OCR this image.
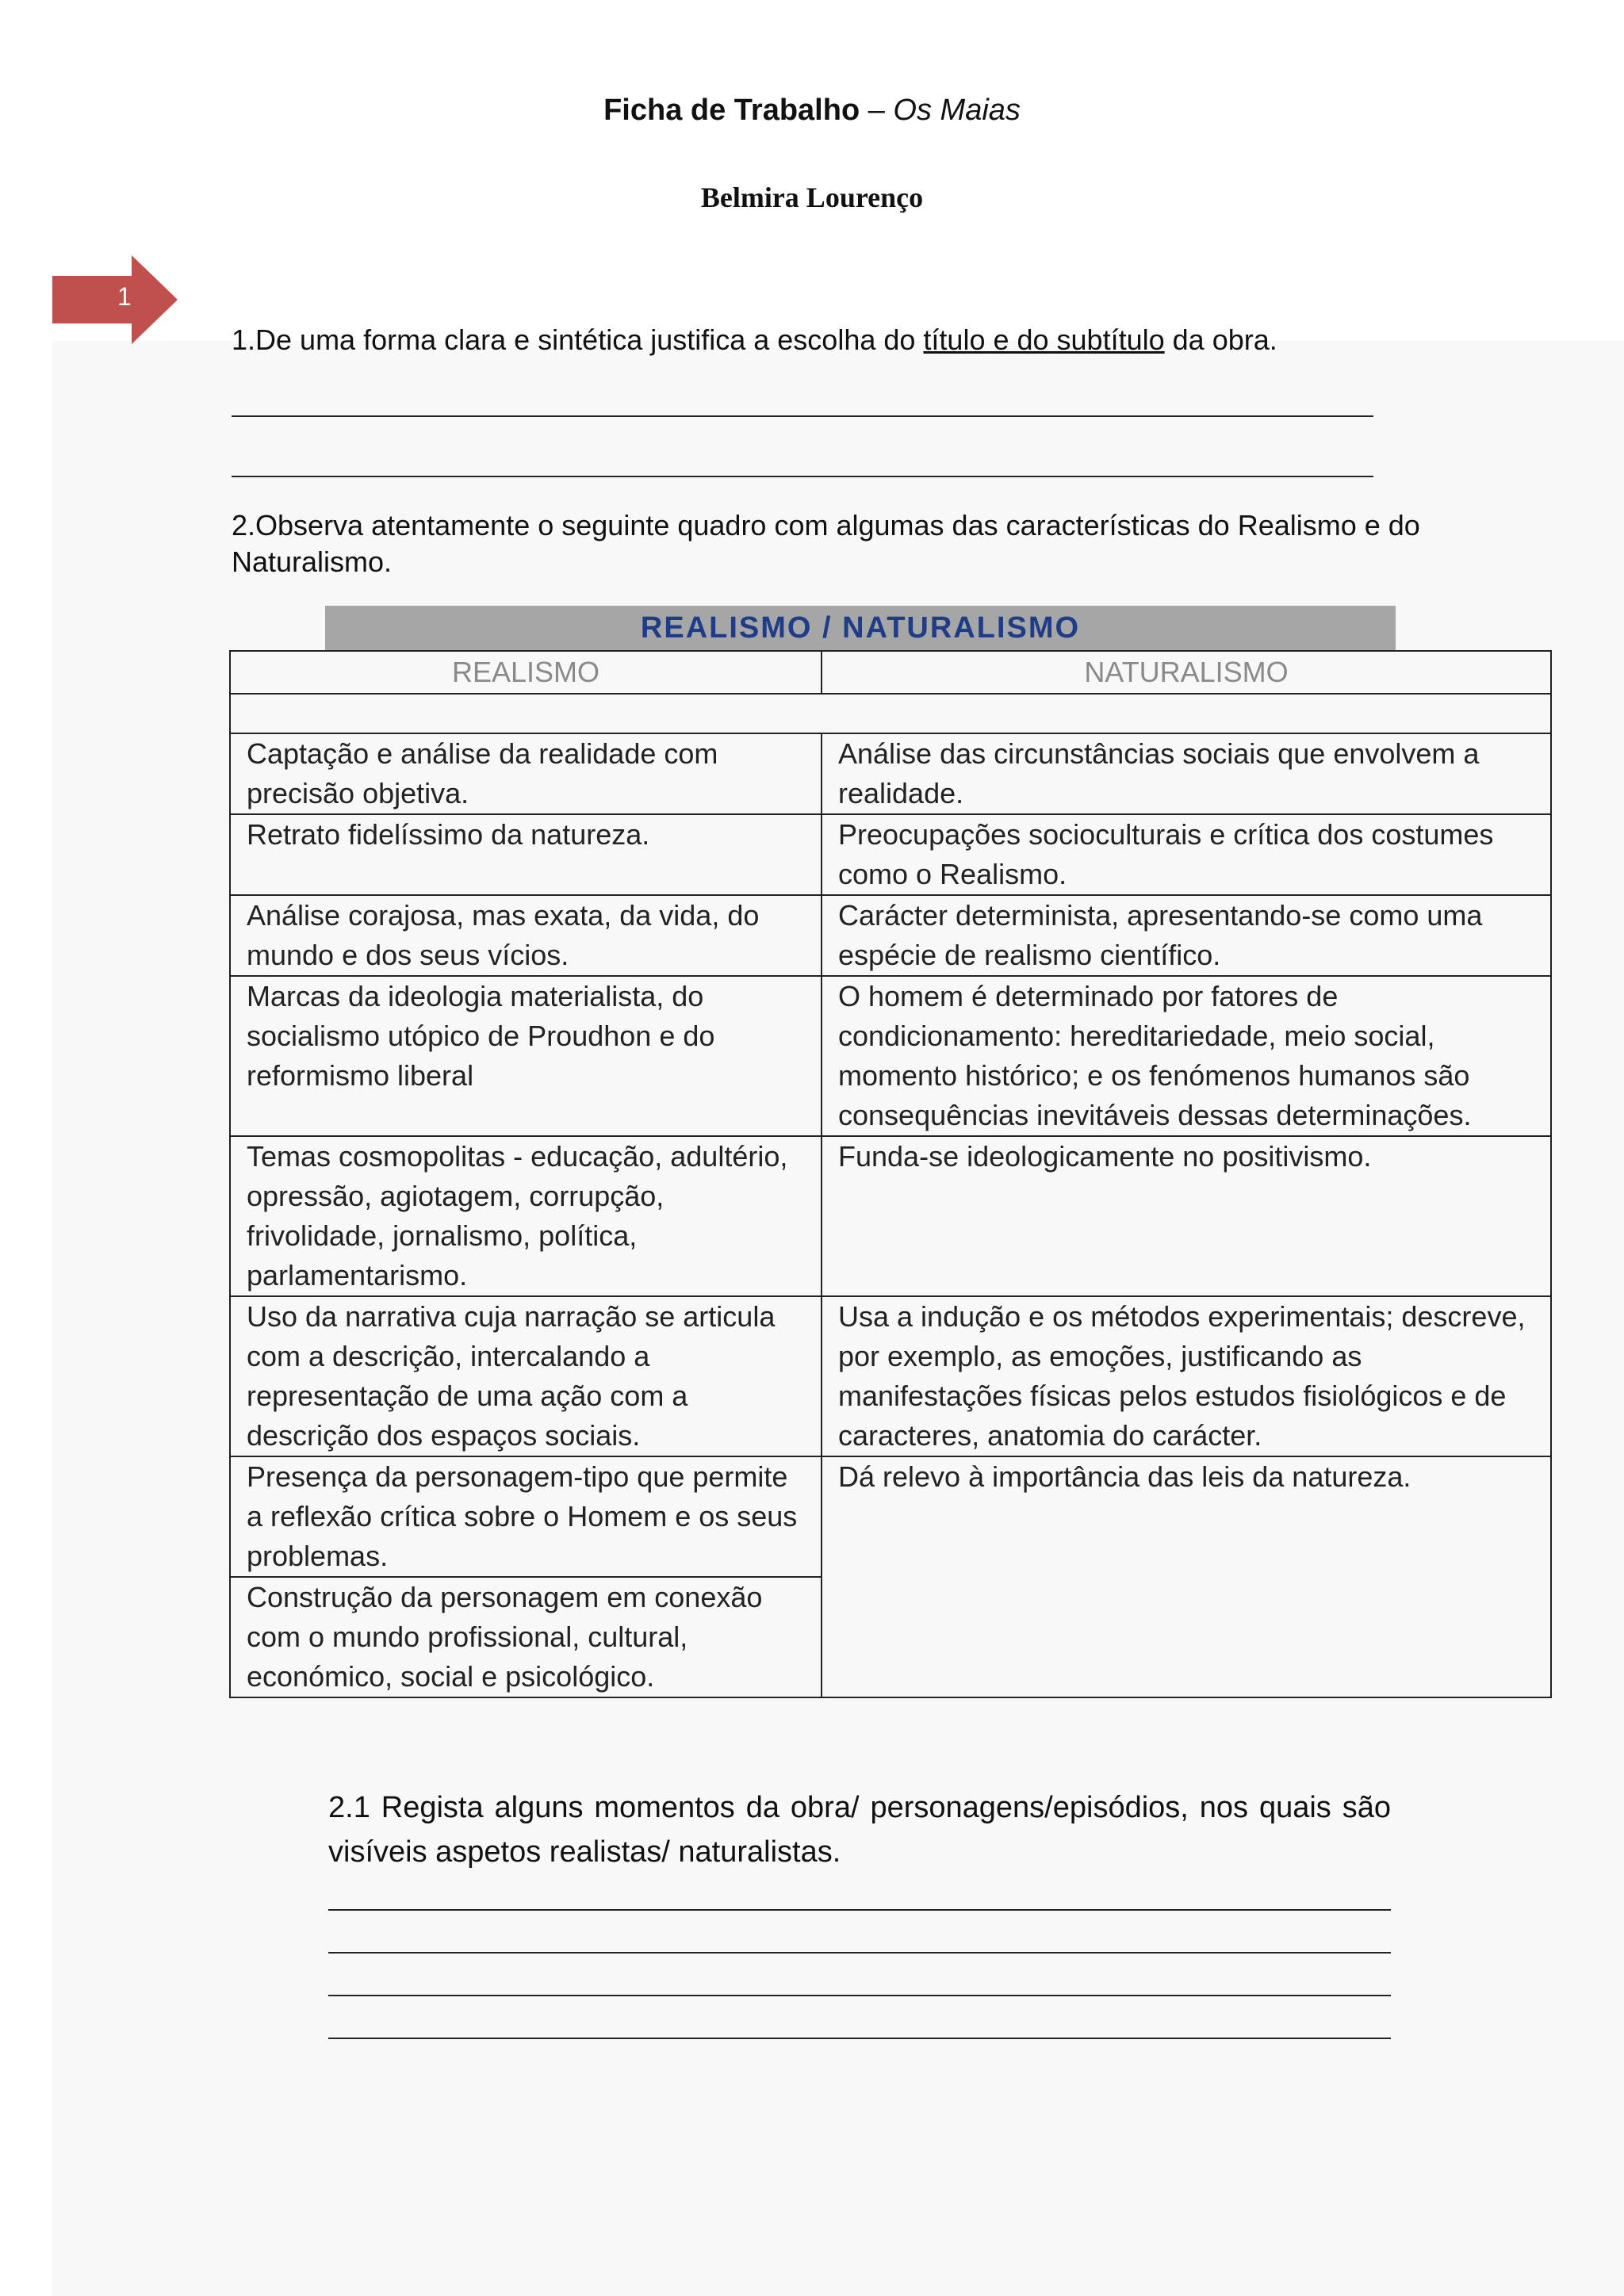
Ficha de Trabalho – Os Maias
Belmira Lourenço
1
1.De uma forma clara e sintética justifica a escolha do título e do subtítulo da obra.
2.Observa atentamente o seguinte quadro com algumas das características do Realismo e do Naturalismo.
REALISMO / NATURALISMO
REALISMO	NATURALISMO

Captação e análise da realidade com precisão objetiva.	Análise das circunstâncias sociais que envolvem a realidade.
Retrato fidelíssimo da natureza.	Preocupações socioculturais e crítica dos costumes como o Realismo.
Análise corajosa, mas exata, da vida, do mundo e dos seus vícios.	Carácter determinista, apresentando-se como uma espécie de realismo científico.
Marcas da ideologia materialista, do socialismo utópico de Proudhon e do reformismo liberal	O homem é determinado por fatores de condicionamento: hereditariedade, meio social, momento histórico; e os fenómenos humanos são consequências inevitáveis dessas determinações.
Temas cosmopolitas - educação, adultério, opressão, agiotagem, corrupção, frivolidade, jornalismo, política, parlamentarismo.	Funda-se ideologicamente no positivismo.
Uso da narrativa cuja narração se articula com a descrição, intercalando a representação de uma ação com a descrição dos espaços sociais.	Usa a indução e os métodos experimentais; descreve, por exemplo, as emoções, justificando as manifestações físicas pelos estudos fisiológicos e de caracteres, anatomia do carácter.
Presença da personagem-tipo que permite a reflexão crítica sobre o Homem e os seus problemas.	Dá relevo à importância das leis da natureza.
Construção da personagem em conexão com o mundo profissional, cultural, económico, social e psicológico.	
2.1 Regista alguns momentos da obra/ personagens/episódios, nos quais são visíveis aspetos realistas/ naturalistas.
